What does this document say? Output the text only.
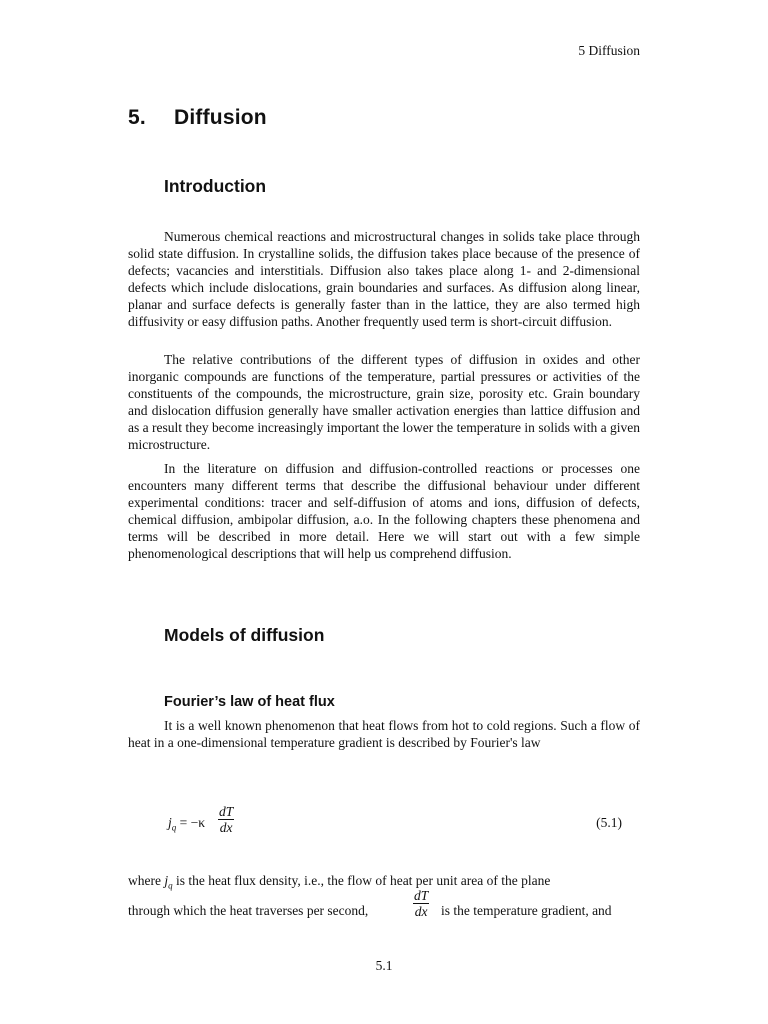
5 Diffusion
5. Diffusion
Introduction

Numerous chemical reactions and microstructural changes in solids take place through solid state diffusion. In crystalline solids, the diffusion takes place because of the presence of defects; vacancies and interstitials. Diffusion also takes place along 1- and 2-dimensional defects which include dislocations, grain boundaries and surfaces. As diffusion along linear, planar and surface defects is generally faster than in the lattice, they are also termed high diffusivity or easy diffusion paths. Another frequently used term is short-circuit diffusion.

The relative contributions of the different types of diffusion in oxides and other inorganic compounds are functions of the temperature, partial pressures or activities of the constituents of the compounds, the microstructure, grain size, porosity etc. Grain boundary and dislocation diffusion generally have smaller activation energies than lattice diffusion and as a result they become increasingly important the lower the temperature in solids with a given microstructure.

In the literature on diffusion and diffusion-controlled reactions or processes one encounters many different terms that describe the diffusional behaviour under different experimental conditions: tracer and self-diffusion of atoms and ions, diffusion of defects, chemical diffusion, ambipolar diffusion, a.o. In the following chapters these phenomena and terms will be described in more detail. Here we will start out with a few simple phenomenological descriptions that will help us comprehend diffusion.

Models of diffusion
Fourier’s law of heat flux

It is a well known phenomenon that heat flows from hot to cold regions. Such a flow of heat in a one-dimensional temperature gradient is described by Fourier's law

$j_q = -\kappa \frac{dT}{dx}$	(5.1)
where $j_q$ is the heat flux density, i.e., the flow of heat per unit area of the plane
through which the heat traverses per second,	$\frac{dT}{dx}$ is the temperature gradient, and
5.1
